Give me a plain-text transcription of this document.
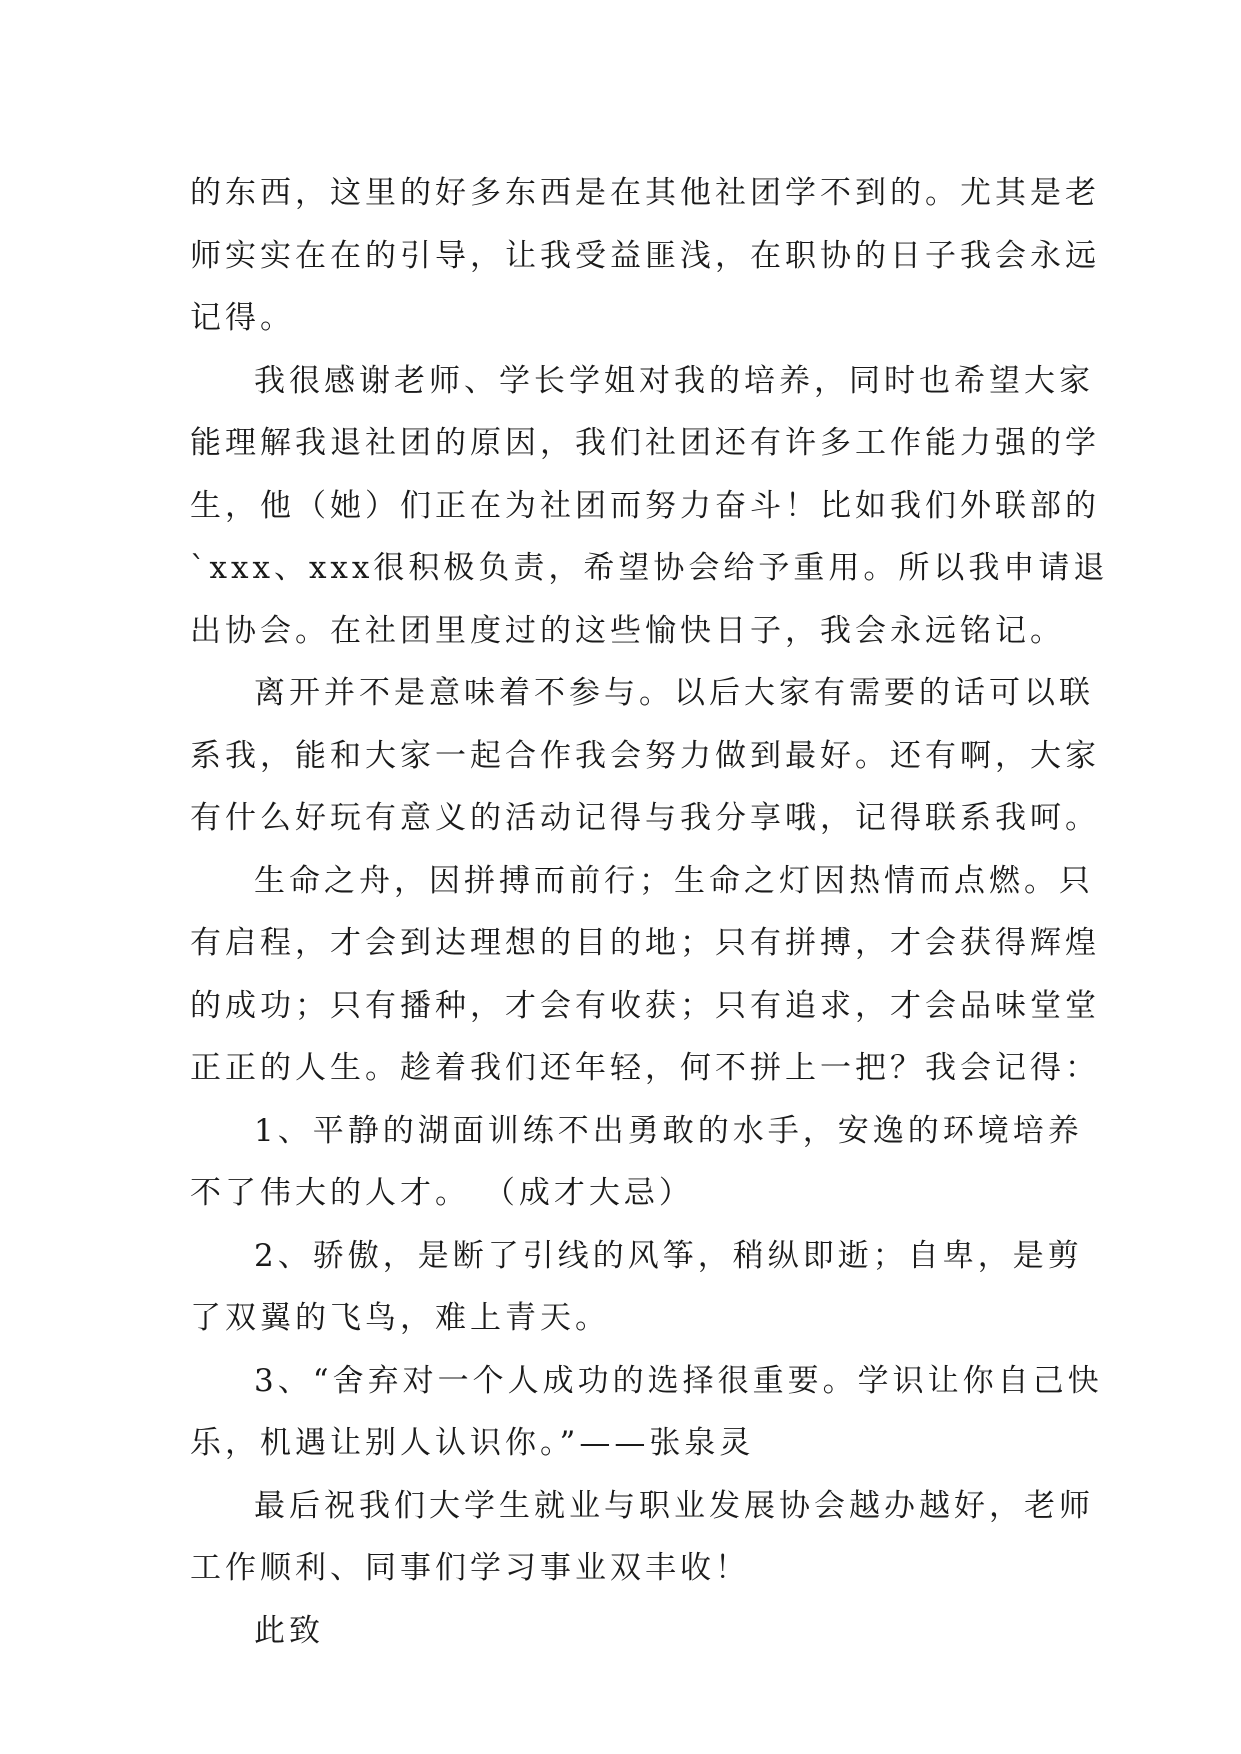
的东西，这里的好多东西是在其他社团学不到的。尤其是老
师实实在在的引导，让我受益匪浅，在职协的日子我会永远
记得。
我很感谢老师、学长学姐对我的培养，同时也希望大家
能理解我退社团的原因，我们社团还有许多工作能力强的学
生，他（她）们正在为社团而努力奋斗！比如我们外联部的
`xxx、xxx很积极负责，希望协会给予重用。所以我申请退
出协会。在社团里度过的这些愉快日子，我会永远铭记。
离开并不是意味着不参与。以后大家有需要的话可以联
系我，能和大家一起合作我会努力做到最好。还有啊，大家
有什么好玩有意义的活动记得与我分享哦，记得联系我呵。
生命之舟，因拼搏而前行；生命之灯因热情而点燃。只
有启程，才会到达理想的目的地；只有拼搏，才会获得辉煌
的成功；只有播种，才会有收获；只有追求，才会品味堂堂
正正的人生。趁着我们还年轻，何不拼上一把？我会记得：
1、平静的湖面训练不出勇敢的水手，安逸的环境培养
不了伟大的人才。 （成才大忌）
2、骄傲，是断了引线的风筝，稍纵即逝；自卑，是剪
了双翼的飞鸟，难上青天。
3、“舍弃对一个人成功的选择很重要。学识让你自己快
乐，机遇让别人认识你。”——张泉灵
最后祝我们大学生就业与职业发展协会越办越好，老师
工作顺利、同事们学习事业双丰收！
此致
